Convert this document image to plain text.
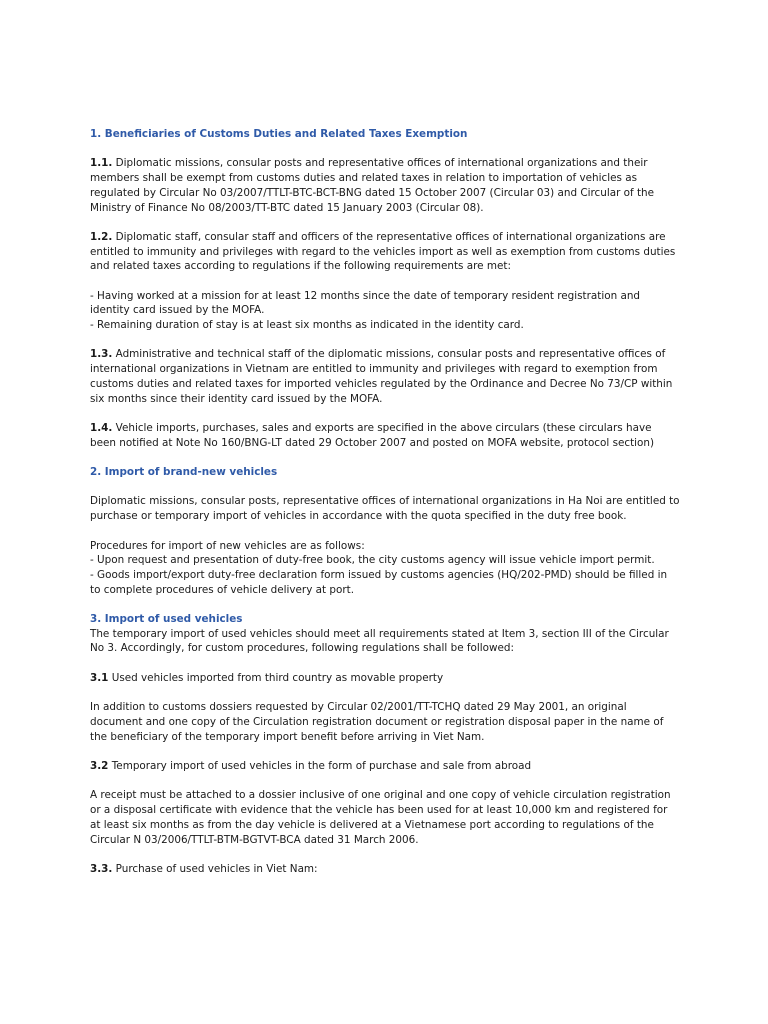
1. Beneficiaries of Customs Duties and Related Taxes Exemption

1.1. Diplomatic missions, consular posts and representative offices of international organizations and their members shall be exempt from customs duties and related taxes in relation to importation of vehicles as regulated by Circular No 03/2007/TTLT-BTC-BCT-BNG dated 15 October 2007 (Circular 03) and Circular of the Ministry of Finance No 08/2003/TT-BTC dated 15 January 2003 (Circular 08).

1.2. Diplomatic staff, consular staff and officers of the representative offices of international organizations are entitled to immunity and privileges with regard to the vehicles import as well as exemption from customs duties and related taxes according to regulations if the following requirements are met:

- Having worked at a mission for at least 12 months since the date of temporary resident registration and identity card issued by the MOFA.

- Remaining duration of stay is at least six months as indicated in the identity card.

1.3. Administrative and technical staff of the diplomatic missions, consular posts and representative offices of international organizations in Vietnam are entitled to immunity and privileges with regard to exemption from customs duties and related taxes for imported vehicles regulated by the Ordinance and Decree No 73/CP within six months since their identity card issued by the MOFA.

1.4. Vehicle imports, purchases, sales and exports are specified in the above circulars (these circulars have been notified at Note No 160/BNG-LT dated 29 October 2007 and posted on MOFA website, protocol section)

2. Import of brand-new vehicles

Diplomatic missions, consular posts, representative offices of international organizations in Ha Noi are entitled to purchase or temporary import of vehicles in accordance with the quota specified in the duty free book.

Procedures for import of new vehicles are as follows:

- Upon request and presentation of duty-free book, the city customs agency will issue vehicle import permit.

- Goods import/export duty-free declaration form issued by customs agencies (HQ/202-PMD) should be filled in to complete procedures of vehicle delivery at port.

3. Import of used vehicles

The temporary import of used vehicles should meet all requirements stated at Item 3, section III of the Circular No 3. Accordingly, for custom procedures, following regulations shall be followed:

3.1 Used vehicles imported from third country as movable property

In addition to customs dossiers requested by Circular 02/2001/TT-TCHQ dated 29 May 2001, an original document and one copy of the Circulation registration document or registration disposal paper in the name of the beneficiary of the temporary import benefit before arriving in Viet Nam.

3.2 Temporary import of used vehicles in the form of purchase and sale from abroad

A receipt must be attached to a dossier inclusive of one original and one copy of vehicle circulation registration or a disposal certificate with evidence that the vehicle has been used for at least 10,000 km and registered for at least six months as from the day vehicle is delivered at a Vietnamese port according to regulations of the Circular N 03/2006/TTLT-BTM-BGTVT-BCA dated 31 March 2006.

3.3. Purchase of used vehicles in Viet Nam:
